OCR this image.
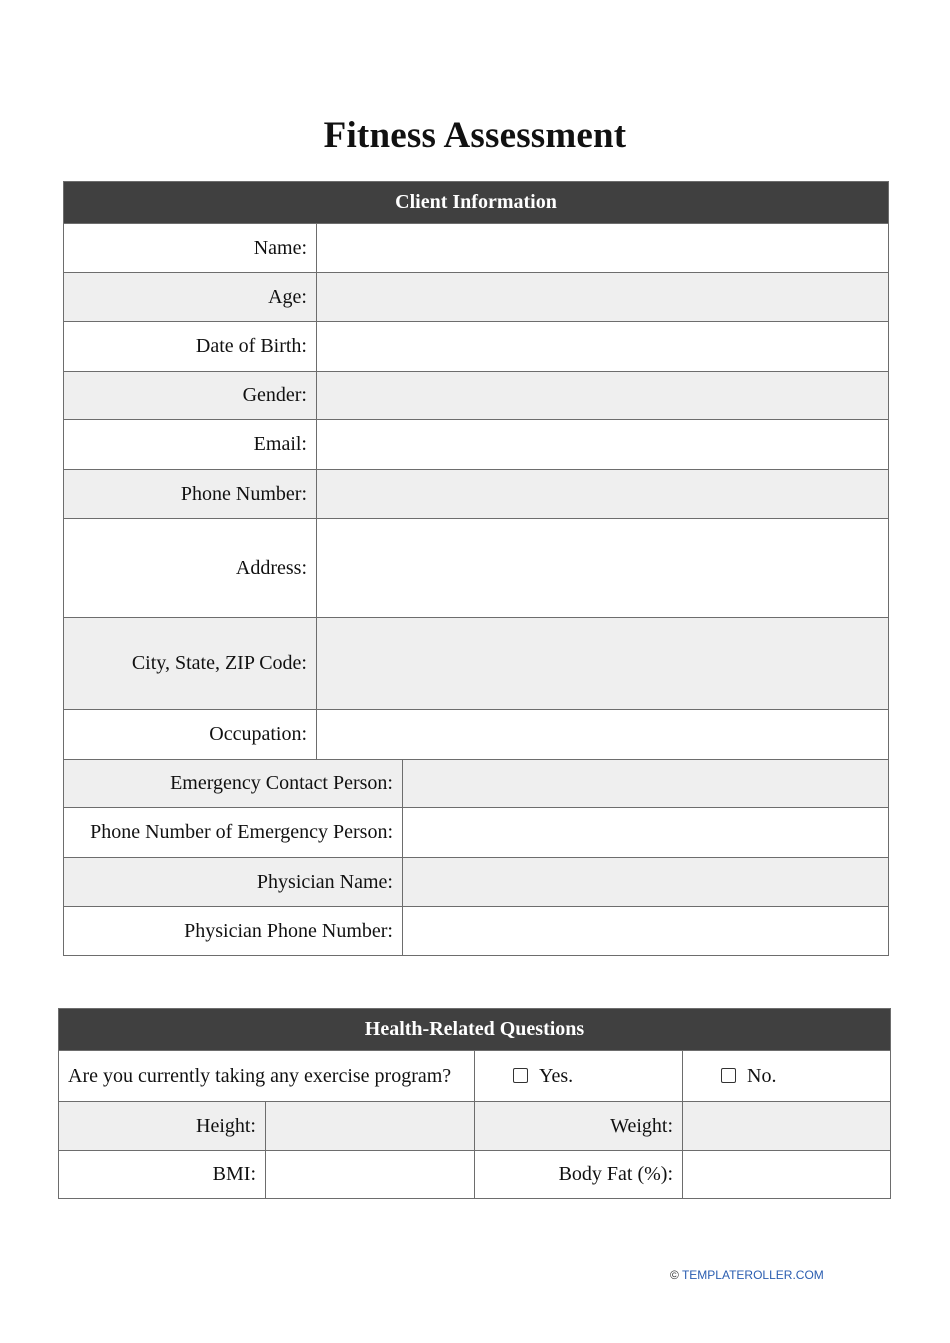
Fitness Assessment
Client Information		
Name:		
Age:		
Date of Birth:		
Gender:		
Email:		
Phone Number:		
Address:		
City, State, ZIP Code:		
Occupation:		
Emergency Contact Person:		
Phone Number of Emergency Person:		
Physician Name:		
Physician Phone Number:		
Health-Related Questions			
Are you currently taking any exercise program?		Yes.	No.
Height:		Weight:	
BMI:		Body Fat (%):	
© TEMPLATEROLLER.COM
